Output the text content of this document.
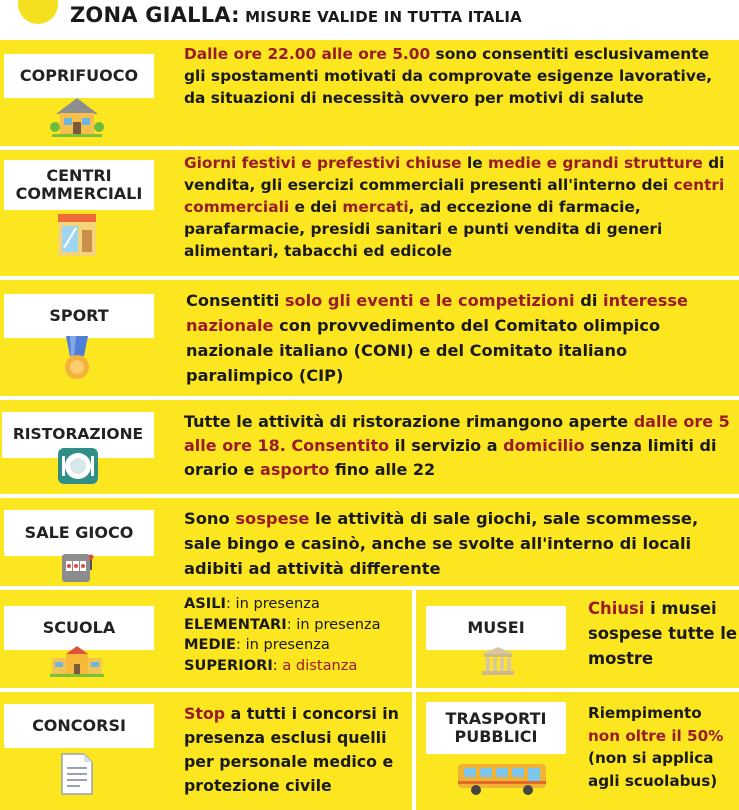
ZONA GIALLA: MISURE VALIDE IN TUTTA ITALIA
COPRIFUOCO
Dalle ore 22.00 alle ore 5.00 sono consentiti esclusivamente gli spostamenti motivati da comprovate esigenze lavorative, da situazioni di necessità ovvero per motivi di salute
CENTRI
COMMERCIALI
Giorni festivi e prefestivi chiuse le medie e grandi strutture di vendita, gli esercizi commerciali presenti all'interno dei centri commerciali e dei mercati, ad eccezione di farmacie, parafarmacie, presidi sanitari e punti vendita di generi alimentari, tabacchi ed edicole
SPORT
Consentiti solo gli eventi e le competizioni di interesse nazionale con provvedimento del Comitato olimpico nazionale italiano (CONI) e del Comitato italiano paralimpico (CIP)
RISTORAZIONE
Tutte le attività di ristorazione rimangono aperte dalle ore 5 alle ore 18. Consentito il servizio a domicilio senza limiti di orario e asporto fino alle 22
SALE GIOCO
Sono sospese le attività di sale giochi, sale scommesse, sale bingo e casinò, anche se svolte all'interno di locali adibiti ad attività differente
SCUOLA
ASILI: in presenza
ELEMENTARI: in presenza
MEDIE: in presenza
SUPERIORI: a distanza
MUSEI
Chiusi i musei sospese tutte le mostre
CONCORSI
Stop a tutti i concorsi in presenza esclusi quelli per personale medico e protezione civile
TRASPORTI
PUBBLICI
Riempimento non oltre il 50% (non si applica agli scuolabus)
